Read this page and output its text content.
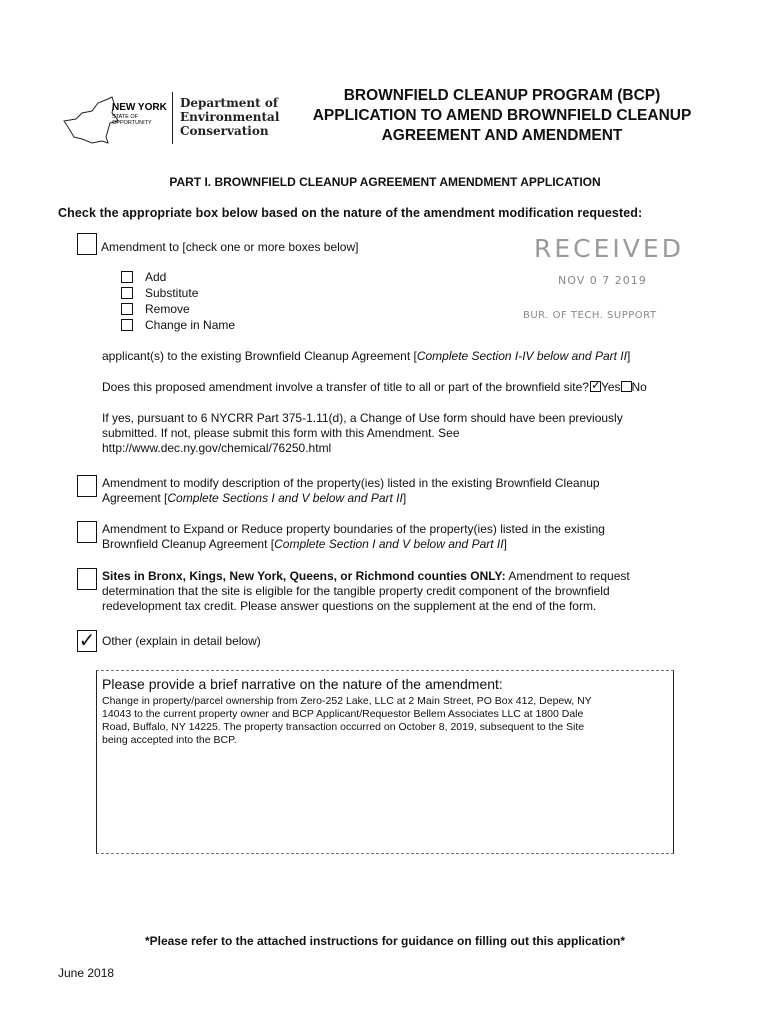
NEW YORK
STATE OF
OPPORTUNITY
Department of
Environmental
Conservation
BROWNFIELD CLEANUP PROGRAM (BCP)
APPLICATION TO AMEND BROWNFIELD CLEANUP
AGREEMENT AND AMENDMENT
PART I. BROWNFIELD CLEANUP AGREEMENT AMENDMENT APPLICATION
Check the appropriate box below based on the nature of the amendment modification requested:
Amendment to [check one or more boxes below]	RECEIVED
NOV 0 7 2019
BUR. OF TECH. SUPPORT
Add
Substitute
Remove
Change in Name
applicant(s) to the existing Brownfield Cleanup Agreement [Complete Section I-IV below and Part II]
Does this proposed amendment involve a transfer of title to all or part of the brownfield site? ✓ Yes No
If yes, pursuant to 6 NYCRR Part 375-1.11(d), a Change of Use form should have been previously
submitted. If not, please submit this form with this Amendment. See
http://www.dec.ny.gov/chemical/76250.html
Amendment to modify description of the property(ies) listed in the existing Brownfield Cleanup
Agreement [Complete Sections I and V below and Part II]
Amendment to Expand or Reduce property boundaries of the property(ies) listed in the existing
Brownfield Cleanup Agreement [Complete Section I and V below and Part II]
Sites in Bronx, Kings, New York, Queens, or Richmond counties ONLY: Amendment to request
determination that the site is eligible for the tangible property credit component of the brownfield
redevelopment tax credit. Please answer questions on the supplement at the end of the form.
✓ Other (explain in detail below)
Please provide a brief narrative on the nature of the amendment:
Change in property/parcel ownership from Zero-252 Lake, LLC at 2 Main Street, PO Box 412, Depew, NY
14043 to the current property owner and BCP Applicant/Requestor Bellem Associates LLC at 1800 Dale
Road, Buffalo, NY 14225. The property transaction occurred on October 8, 2019, subsequent to the Site
being accepted into the BCP.
*Please refer to the attached instructions for guidance on filling out this application*
June 2018
